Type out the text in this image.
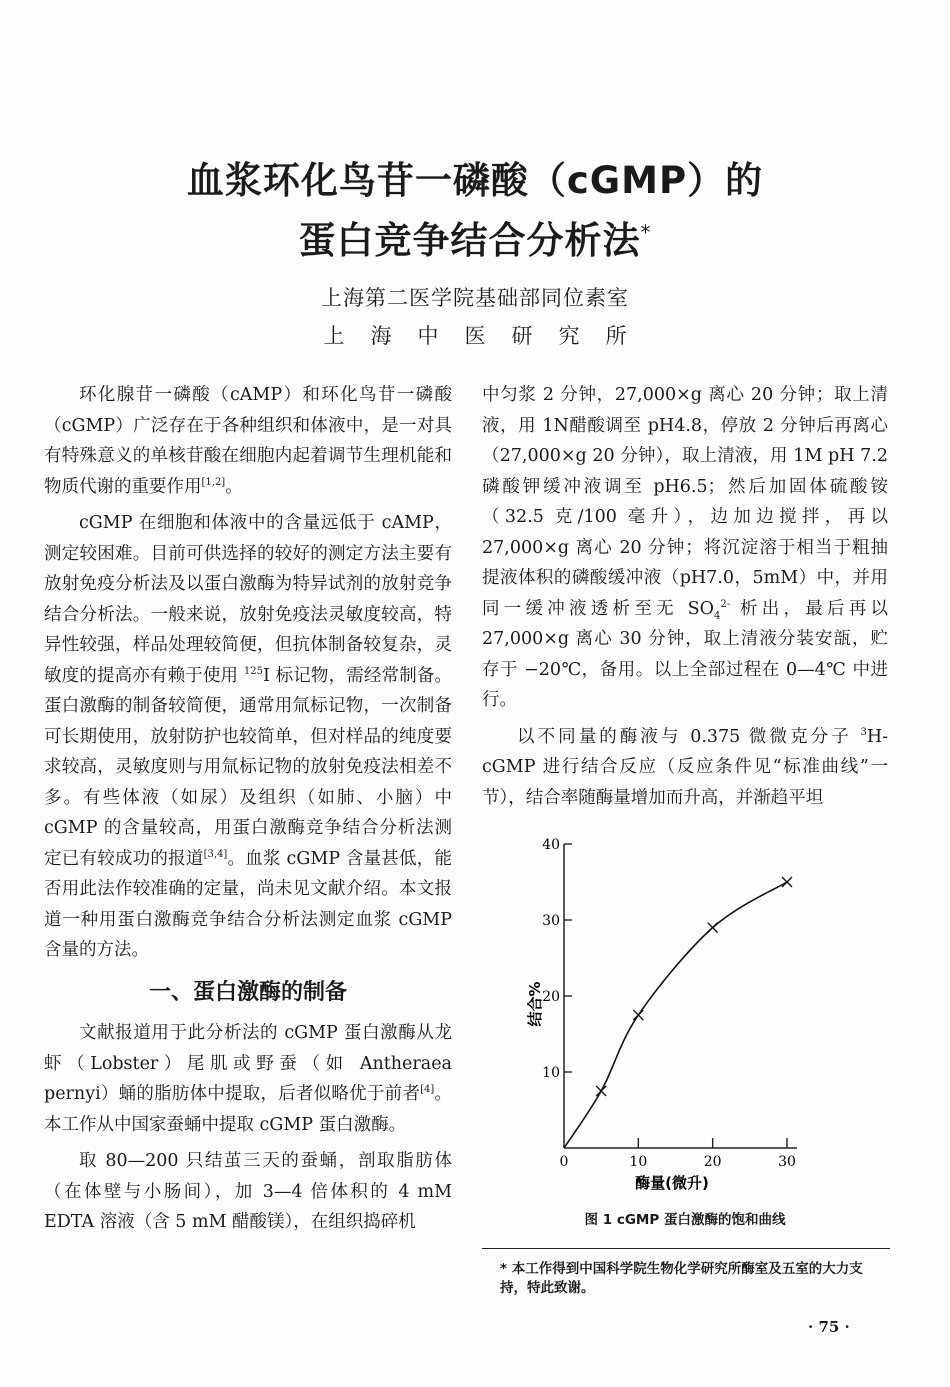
血浆环化鸟苷一磷酸（cGMP）的
蛋白竞争结合分析法*

上海第二医学院基础部同位素室

上海中医研究所

环化腺苷一磷酸（cAMP）和环化鸟苷一磷酸（cGMP）广泛存在于各种组织和体液中，是一对具有特殊意义的单核苷酸在细胞内起着调节生理机能和物质代谢的重要作用[1,2]。

cGMP 在细胞和体液中的含量远低于 cAMP，测定较困难。目前可供选择的较好的测定方法主要有放射免疫分析法及以蛋白激酶为特异试剂的放射竞争结合分析法。一般来说，放射免疫法灵敏度较高，特异性较强，样品处理较简便，但抗体制备较复杂，灵敏度的提高亦有赖于使用 $^{125}$I 标记物，需经常制备。蛋白激酶的制备较简便，通常用氚标记物，一次制备可长期使用，放射防护也较简单，但对样品的纯度要求较高，灵敏度则与用氚标记物的放射免疫法相差不多。有些体液（如尿）及组织（如肺、小脑）中 cGMP 的含量较高，用蛋白激酶竞争结合分析法测定已有较成功的报道[3,4]。血浆 cGMP 含量甚低，能否用此法作较准确的定量，尚未见文献介绍。本文报道一种用蛋白激酶竞争结合分析法测定血浆 cGMP 含量的方法。

一、蛋白激酶的制备

文献报道用于此分析法的 cGMP 蛋白激酶从龙虾（Lobster）尾肌或野蚕（如 Antheraea pernyi）蛹的脂肪体中提取，后者似略优于前者[4]。本工作从中国家蚕蛹中提取 cGMP 蛋白激酶。

取 80—200 只结茧三天的蚕蛹，剖取脂肪体（在体壁与小肠间），加 3—4 倍体积的 4 mM EDTA 溶液（含 5 mM 醋酸镁），在组织捣碎机

中匀浆 2 分钟，27,000×g 离心 20 分钟；取上清液，用 1N醋酸调至 pH4.8，停放 2 分钟后再离心（27,000×g 20 分钟），取上清液，用 1M pH 7.2 磷酸钾缓冲液调至 pH6.5；然后加固体硫酸铵（32.5 克/100 毫升），边加边搅拌，再以 27,000×g 离心 20 分钟；将沉淀溶于相当于粗抽提液体积的磷酸缓冲液（pH7.0，5mM）中，并用同一缓冲液透析至无 $SO_4^{2-}$ 析出，最后再以 27,000×g 离心 30 分钟，取上清液分装安瓿，贮存于 −20℃，备用。以上全部过程在 0—4℃ 中进行。

以不同量的酶液与 0.375 微微克分子 $^3$H-cGMP 进行结合反应（反应条件见“标准曲线”一节），结合率随酶量增加而升高，并渐趋平坦

10
20
30
40
0	10	20	30
结合%
酶量(微升)
图 1 cGMP 蛋白激酶的饱和曲线
* 本工作得到中国科学院生物化学研究所酶室及五室的大力支持，特此致谢。
· 75 ·
